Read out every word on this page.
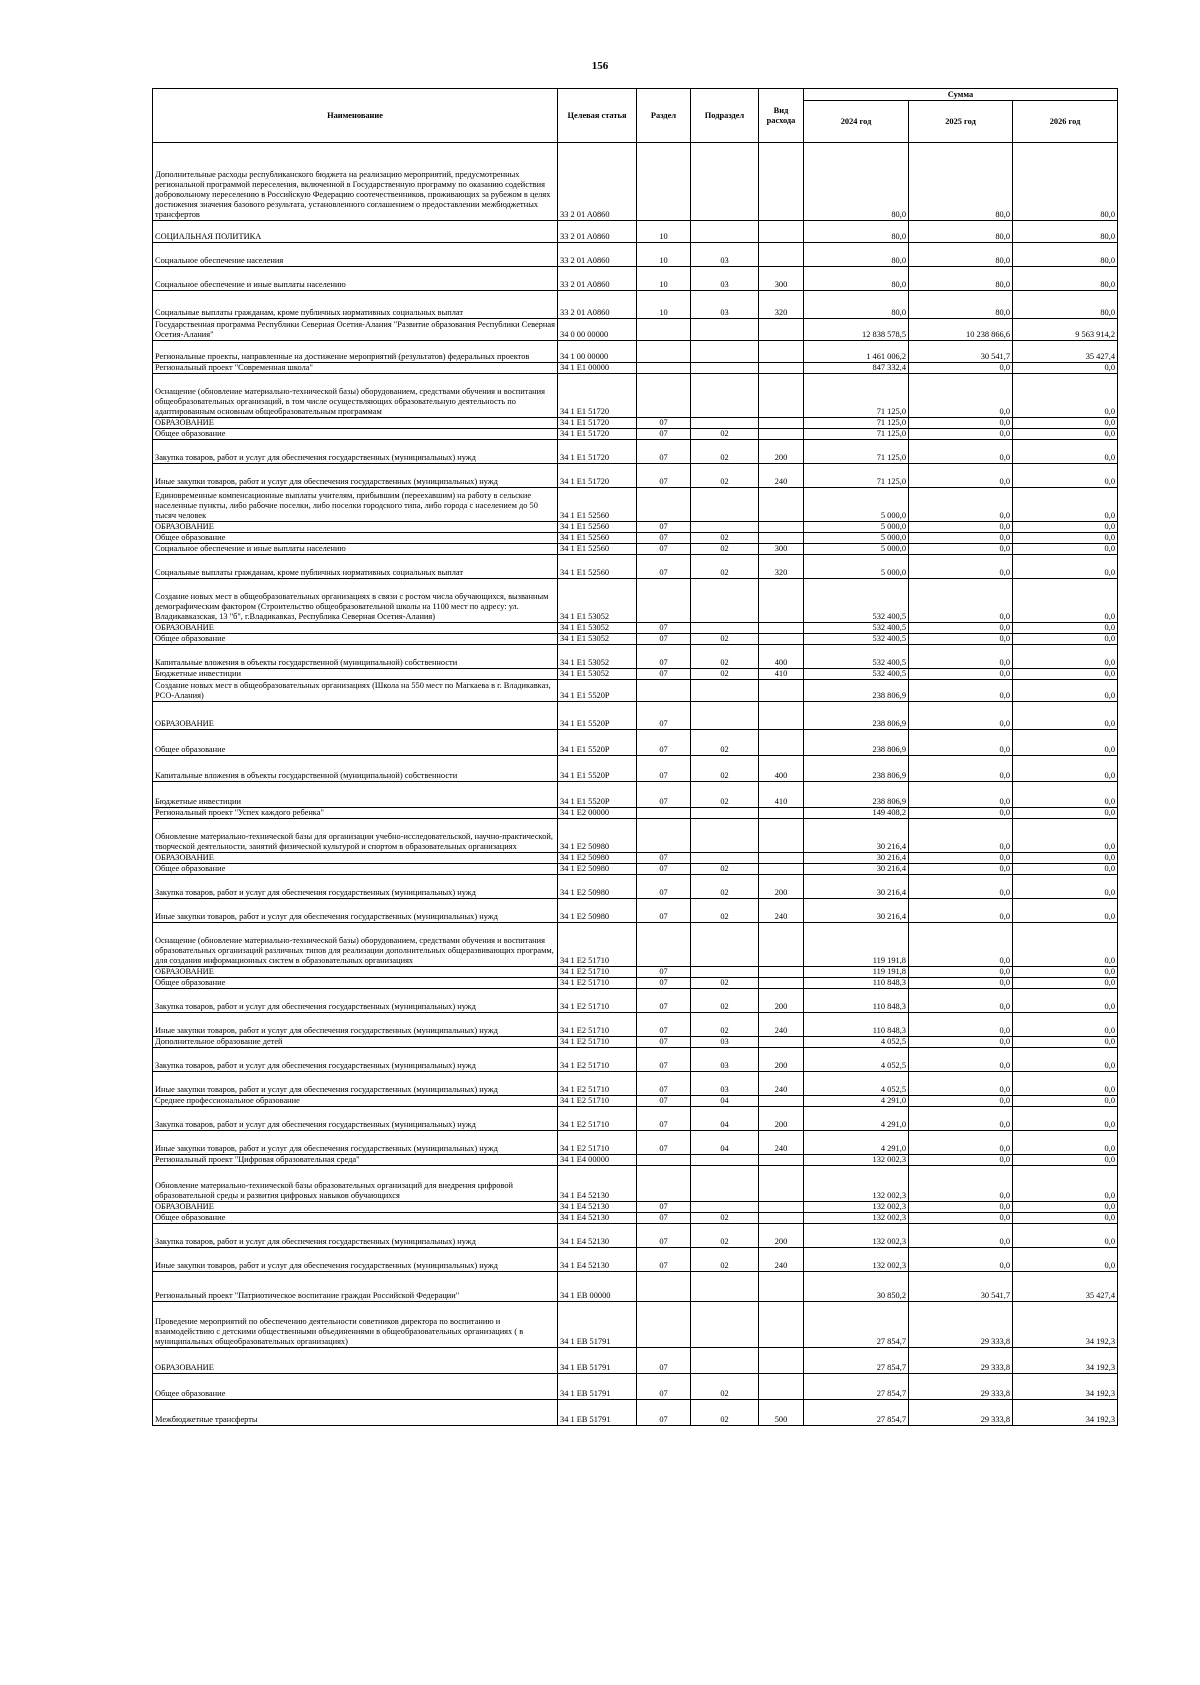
156
Наименование	Целевая статья	Раздел	Подраздел	Вид расхода	Сумма		
					2024 год	2025 год	2026 год
Дополнительные расходы республиканского бюджета на реализацию мероприятий, предусмотренных региональной программой переселения, включенной в Государственную программу по оказанию содействия добровольному переселению в Российскую Федерацию соотечественников, проживающих за рубежом в целях достижения значения базового результата, установленного соглашением о предоставлении межбюджетных трансфертов	33 2 01 A0860				80,0	80,0	80,0
СОЦИАЛЬНАЯ ПОЛИТИКА	33 2 01 A0860	10			80,0	80,0	80,0
Социальное обеспечение населения	33 2 01 A0860	10	03		80,0	80,0	80,0
Социальное обеспечение и иные выплаты населению	33 2 01 A0860	10	03	300	80,0	80,0	80,0
Социальные выплаты гражданам, кроме публичных нормативных социальных выплат	33 2 01 A0860	10	03	320	80,0	80,0	80,0
Государственная программа Республики Северная Осетия-Алания "Развитие образования Республики Северная Осетия-Алания"	34 0 00 00000				12 838 578,5	10 238 866,6	9 563 914,2
Региональные проекты, направленные на достижение мероприятий (результатов) федеральных проектов	34 1 00 00000				1 461 006,2	30 541,7	35 427,4
Региональный проект "Современная школа"	34 1 E1 00000				847 332,4	0,0	0,0
Оснащение (обновление материально-технической базы) оборудованием, средствами обучения и воспитания общеобразовательных организаций, в том числе осуществляющих образовательную деятельность по адаптированным основным общеобразовательным программам	34 1 E1 51720				71 125,0	0,0	0,0
ОБРАЗОВАНИЕ	34 1 E1 51720	07			71 125,0	0,0	0,0
Общее образование	34 1 E1 51720	07	02		71 125,0	0,0	0,0
Закупка товаров, работ и услуг для обеспечения государственных (муниципальных) нужд	34 1 E1 51720	07	02	200	71 125,0	0,0	0,0
Иные закупки товаров, работ и услуг для обеспечения государственных (муниципальных) нужд	34 1 E1 51720	07	02	240	71 125,0	0,0	0,0
Единовременные компенсационные выплаты учителям, прибывшим (переехавшим) на работу в сельские населенные пункты, либо рабочие поселки, либо поселки городского типа, либо города с населением до 50 тысяч человек	34 1 E1 52560				5 000,0	0,0	0,0
ОБРАЗОВАНИЕ	34 1 E1 52560	07			5 000,0	0,0	0,0
Общее образование	34 1 E1 52560	07	02		5 000,0	0,0	0,0
Социальное обеспечение и иные выплаты населению	34 1 E1 52560	07	02	300	5 000,0	0,0	0,0
Социальные выплаты гражданам, кроме публичных нормативных социальных выплат	34 1 E1 52560	07	02	320	5 000,0	0,0	0,0
Создание новых мест в общеобразовательных организациях в связи с ростом числа обучающихся, вызванным демографическим фактором (Строительство общеобразовательной школы на 1100 мест по адресу: ул. Владикавказская, 13 "б", г.Владикавказ, Республика Северная Осетия-Алания)	34 1 E1 53052				532 400,5	0,0	0,0
ОБРАЗОВАНИЕ	34 1 E1 53052	07			532 400,5	0,0	0,0
Общее образование	34 1 E1 53052	07	02		532 400,5	0,0	0,0
Капитальные вложения в объекты государственной (муниципальной) собственности	34 1 E1 53052	07	02	400	532 400,5	0,0	0,0
Бюджетные инвестиции	34 1 E1 53052	07	02	410	532 400,5	0,0	0,0
Создание новых мест в общеобразовательных организациях (Школа на 550 мест по Магкаева в г. Владикавказ, РСО-Алания)	34 1 E1 5520P				238 806,9	0,0	0,0
ОБРАЗОВАНИЕ	34 1 E1 5520P	07			238 806,9	0,0	0,0
Общее образование	34 1 E1 5520P	07	02		238 806,9	0,0	0,0
Капитальные вложения в объекты государственной (муниципальной) собственности	34 1 E1 5520P	07	02	400	238 806,9	0,0	0,0
Бюджетные инвестиции	34 1 E1 5520P	07	02	410	238 806,9	0,0	0,0
Региональный проект "Успех каждого ребенка"	34 1 E2 00000				149 408,2	0,0	0,0
Обновление материально-технической базы для организации учебно-исследовательской, научно-практической, творческой деятельности, занятий физической культурой и спортом в образовательных организациях	34 1 E2 50980				30 216,4	0,0	0,0
ОБРАЗОВАНИЕ	34 1 E2 50980	07			30 216,4	0,0	0,0
Общее образование	34 1 E2 50980	07	02		30 216,4	0,0	0,0
Закупка товаров, работ и услуг для обеспечения государственных (муниципальных) нужд	34 1 E2 50980	07	02	200	30 216,4	0,0	0,0
Иные закупки товаров, работ и услуг для обеспечения государственных (муниципальных) нужд	34 1 E2 50980	07	02	240	30 216,4	0,0	0,0
Оснащение (обновление материально-технической базы) оборудованием, средствами обучения и воспитания образовательных организаций различных типов для реализации дополнительных общеразвивающих программ, для создания информационных систем в образовательных организациях	34 1 E2 51710				119 191,8	0,0	0,0
ОБРАЗОВАНИЕ	34 1 E2 51710	07			119 191,8	0,0	0,0
Общее образование	34 1 E2 51710	07	02		110 848,3	0,0	0,0
Закупка товаров, работ и услуг для обеспечения государственных (муниципальных) нужд	34 1 E2 51710	07	02	200	110 848,3	0,0	0,0
Иные закупки товаров, работ и услуг для обеспечения государственных (муниципальных) нужд	34 1 E2 51710	07	02	240	110 848,3	0,0	0,0
Дополнительное образование детей	34 1 E2 51710	07	03		4 052,5	0,0	0,0
Закупка товаров, работ и услуг для обеспечения государственных (муниципальных) нужд	34 1 E2 51710	07	03	200	4 052,5	0,0	0,0
Иные закупки товаров, работ и услуг для обеспечения государственных (муниципальных) нужд	34 1 E2 51710	07	03	240	4 052,5	0,0	0,0
Среднее профессиональное образование	34 1 E2 51710	07	04		4 291,0	0,0	0,0
Закупка товаров, работ и услуг для обеспечения государственных (муниципальных) нужд	34 1 E2 51710	07	04	200	4 291,0	0,0	0,0
Иные закупки товаров, работ и услуг для обеспечения государственных (муниципальных) нужд	34 1 E2 51710	07	04	240	4 291,0	0,0	0,0
Региональный проект "Цифровая образовательная среда"	34 1 E4 00000				132 002,3	0,0	0,0
Обновление материально-технической базы образовательных организаций для внедрения цифровой образовательной среды и развития цифровых навыков обучающихся	34 1 E4 52130				132 002,3	0,0	0,0
ОБРАЗОВАНИЕ	34 1 E4 52130	07			132 002,3	0,0	0,0
Общее образование	34 1 E4 52130	07	02		132 002,3	0,0	0,0
Закупка товаров, работ и услуг для обеспечения государственных (муниципальных) нужд	34 1 E4 52130	07	02	200	132 002,3	0,0	0,0
Иные закупки товаров, работ и услуг для обеспечения государственных (муниципальных) нужд	34 1 E4 52130	07	02	240	132 002,3	0,0	0,0
Региональный проект "Патриотическое воспитание граждан Российской Федерации"	34 1 EB 00000				30 850,2	30 541,7	35 427,4
Проведение мероприятий по обеспечению деятельности советников директора по воспитанию и взаимодействию с детскими общественными объединениями в общеобразовательных организациях ( в муниципальных общеобразовательных организациях)	34 1 EB 51791				27 854,7	29 333,8	34 192,3
ОБРАЗОВАНИЕ	34 1 EB 51791	07			27 854,7	29 333,8	34 192,3
Общее образование	34 1 EB 51791	07	02		27 854,7	29 333,8	34 192,3
Межбюджетные трансферты	34 1 EB 51791	07	02	500	27 854,7	29 333,8	34 192,3
